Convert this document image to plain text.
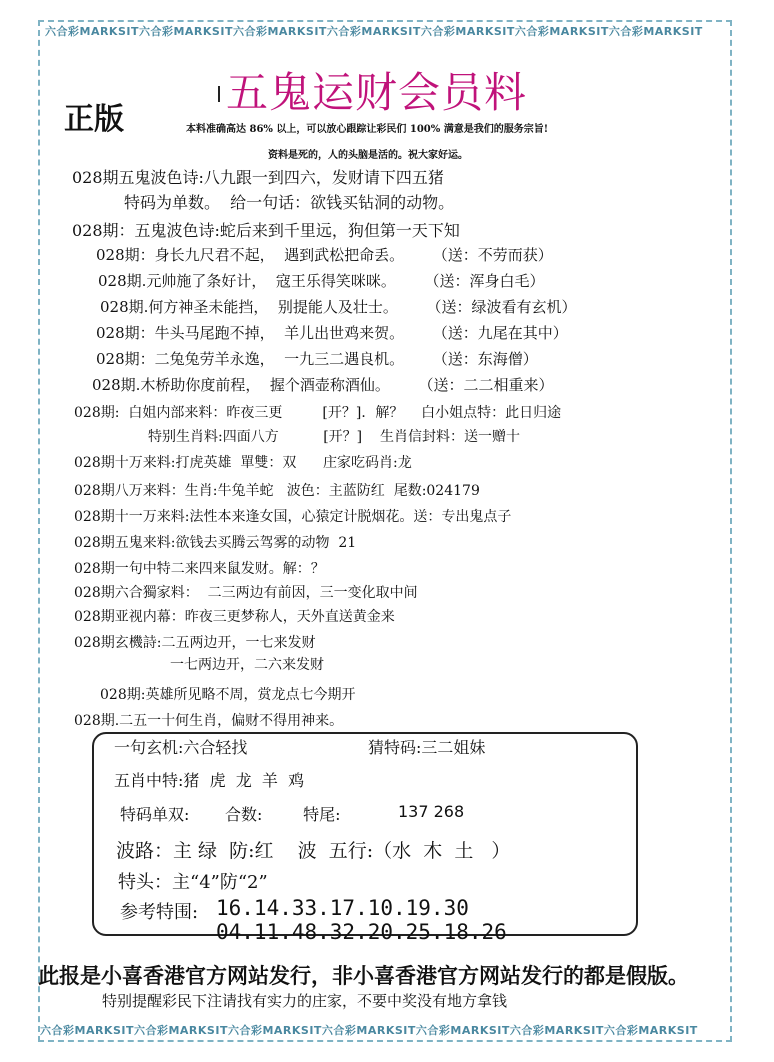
六合彩MARKSIT六合彩MARKSIT六合彩MARKSIT六合彩MARKSIT六合彩MARKSIT六合彩MARKSIT六合彩MARKSIT
六合彩MARKSIT六合彩MARKSIT六合彩MARKSIT六合彩MARKSIT六合彩MARKSIT六合彩MARKSIT六合彩MARKSIT
五鬼运财会员料
正版	本料准确高达 86% 以上，可以放心跟踪让彩民们 100% 满意是我们的服务宗旨!
资料是死的，人的头脑是活的。祝大家好运。
028期五鬼波色诗:八九跟一到四六，发财请下四五猪
特码为单数。  给一句话：欲钱买钻洞的动物。
028期：五鬼波色诗:蛇后来到千里远，狗但第一天下知
028期：身长九尺君不起，  遇到武松把命丢。      （送：不劳而获）
028期.元帅施了条好计，  寇王乐得笑咪咪。      （送：浑身白毛）
028期.何方神圣未能挡，  别提能人及壮士。      （送：绿波看有玄机）
028期：牛头马尾跑不掉，  羊儿出世鸡来贺。      （送：九尾在其中）
028期：二兔兔劳羊永逸，  一九三二遇良机。      （送：东海僧）
028期.木桥助你度前程，  握个酒壶称酒仙。      （送：二二相重来）
028期:  白姐内部来料：昨夜三更         [开？]．解？    白小姐点特：此日归途
特别生肖料:四面八方          [开？]    生肖信封料：送一赠十
028期十万来料:打虎英雄  單雙：双      庄家吃码肖:龙
028期八万来料：生肖:牛兔羊蛇   波色：主蓝防红  尾数:024179
028期十一万来料:法性本来逢女国，心猿定计脱烟花。送：专出鬼点子
028期五鬼来料:欲钱去买腾云驾雾的动物  21
028期一句中特二来四来鼠发财。解：？
028期六合獨家料：  二三两边有前因，三一变化取中间
028期亚视内幕：昨夜三更梦称人，天外直送黄金来
028期玄機詩:二五两边开，一七来发财
一七两边开，二六来发财
028期:英雄所见略不周，赏龙点七今期开
028期.二五一十何生肖，偏财不得用神来。
一句玄机:六合轻找	猜特码:三二姐妹
五肖中特:猪  虎  龙  羊  鸡
特码单双:       合数:        特尾:	137 268
波路：主 绿  防:红    波  五行:（水  木  土   ）
特头：主“4”防“2”
参考特围: 16.14.33.17.10.19.30
04.11.48.32.20.25.18.26
此报是小喜香港官方网站发行，非小喜香港官方网站发行的都是假版。
特别提醒彩民下注请找有实力的庄家，不要中奖没有地方拿钱
